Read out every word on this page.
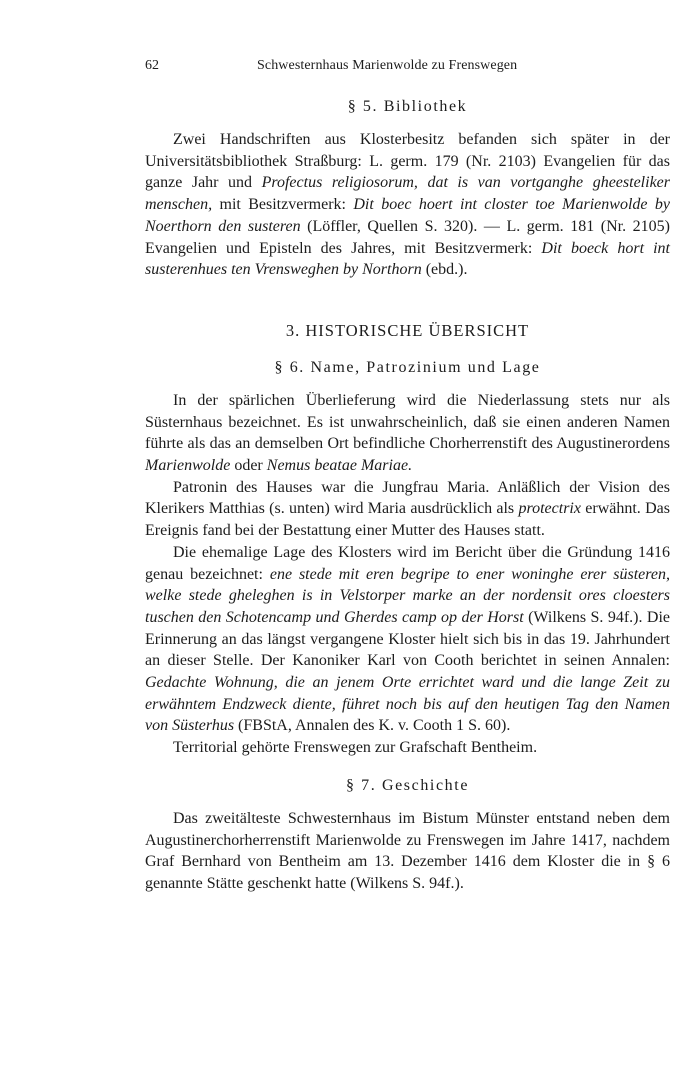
62	Schwesternhaus Marienwolde zu Frenswegen
§ 5. Bibliothek

Zwei Handschriften aus Klosterbesitz befanden sich später in der Universitätsbibliothek Straßburg: L. germ. 179 (Nr. 2103) Evangelien für das ganze Jahr und Profectus religiosorum, dat is van vortganghe gheesteliker menschen, mit Besitzvermerk: Dit boec hoert int closter toe Marienwolde by Noerthorn den susteren (Löffler, Quellen S. 320). — L. germ. 181 (Nr. 2105) Evangelien und Episteln des Jahres, mit Besitzvermerk: Dit boeck hort int susterenhues ten Vrensweghen by Northorn (ebd.).

3. HISTORISCHE ÜBERSICHT
§ 6. Name, Patrozinium und Lage

In der spärlichen Überlieferung wird die Niederlassung stets nur als Süsternhaus bezeichnet. Es ist unwahrscheinlich, daß sie einen anderen Namen führte als das an demselben Ort befindliche Chorherrenstift des Augustinerordens Marienwolde oder Nemus beatae Mariae.

Patronin des Hauses war die Jungfrau Maria. Anläßlich der Vision des Klerikers Matthias (s. unten) wird Maria ausdrücklich als protectrix erwähnt. Das Ereignis fand bei der Bestattung einer Mutter des Hauses statt.

Die ehemalige Lage des Klosters wird im Bericht über die Gründung 1416 genau bezeichnet: ene stede mit eren begripe to ener woninghe erer süsteren, welke stede gheleghen is in Velstorper marke an der nordensit ores cloesters tuschen den Schotencamp und Gherdes camp op der Horst (Wilkens S. 94f.). Die Erinnerung an das längst vergangene Kloster hielt sich bis in das 19. Jahrhundert an dieser Stelle. Der Kanoniker Karl von Cooth berichtet in seinen Annalen: Gedachte Wohnung, die an jenem Orte errichtet ward und die lange Zeit zu erwähntem Endzweck diente, führet noch bis auf den heutigen Tag den Namen von Süsterhus (FBStA, Annalen des K. v. Cooth 1 S. 60).

Territorial gehörte Frenswegen zur Grafschaft Bentheim.

§ 7. Geschichte

Das zweitälteste Schwesternhaus im Bistum Münster entstand neben dem Augustinerchorherrenstift Marienwolde zu Frenswegen im Jahre 1417, nachdem Graf Bernhard von Bentheim am 13. Dezember 1416 dem Kloster die in § 6 genannte Stätte geschenkt hatte (Wilkens S. 94f.).
